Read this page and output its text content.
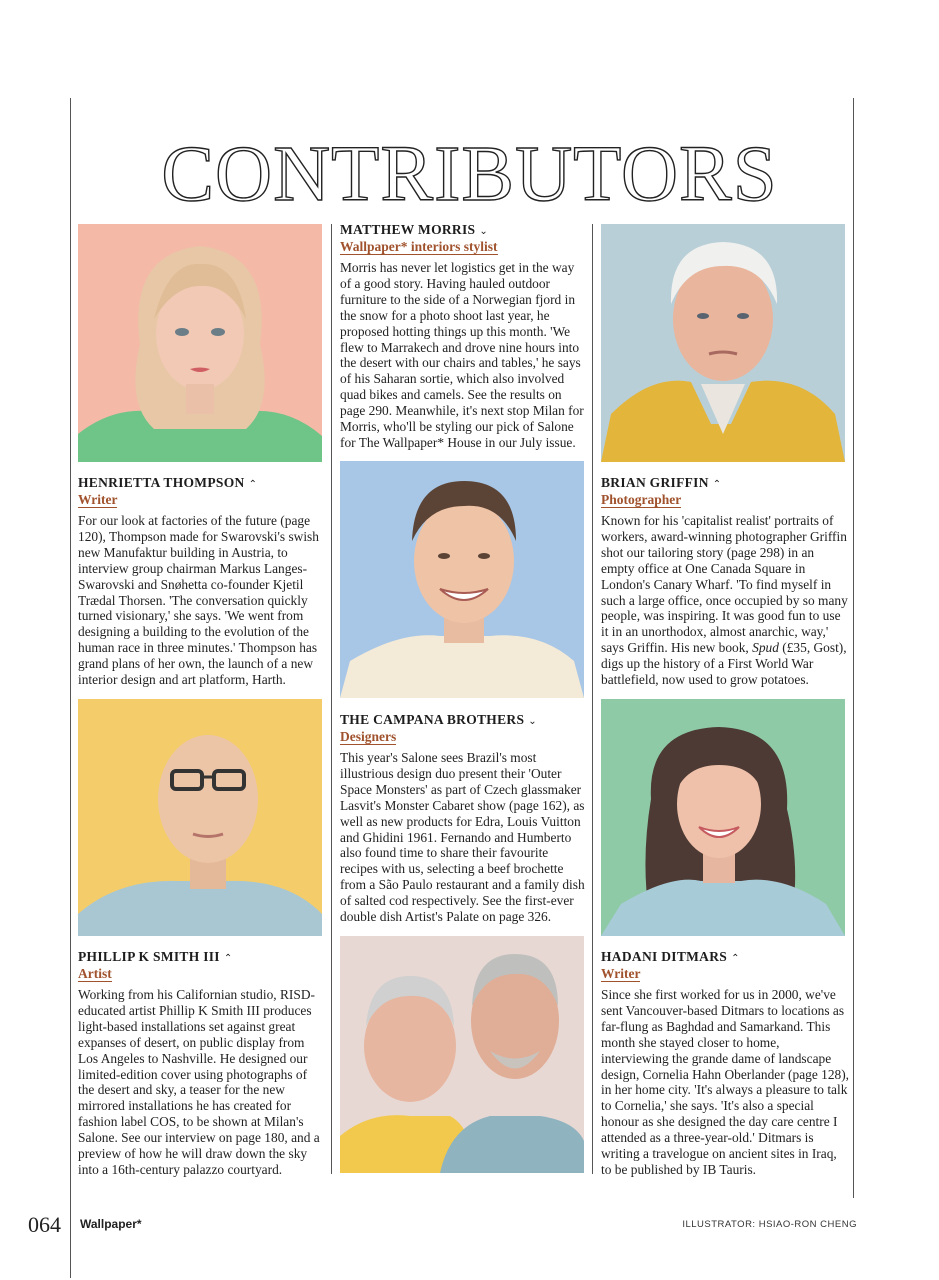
CONTRIBUTORS
HENRIETTA THOMPSON ⌃
Writer

For our look at factories of the future (page 120), Thompson made for Swarovski's swish new Manufaktur building in Austria, to interview group chairman Markus Langes-Swarovski and Snøhetta co-founder Kjetil Trædal Thorsen. 'The conversation quickly turned visionary,' she says. 'We went from designing a building to the evolution of the human race in three minutes.' Thompson has grand plans of her own, the launch of a new interior design and art platform, Harth.

PHILLIP K SMITH III ⌃
Artist

Working from his Californian studio, RISD-educated artist Phillip K Smith III produces light-based installations set against great expanses of desert, on public display from Los Angeles to Nashville. He designed our limited-edition cover using photographs of the desert and sky, a teaser for the new mirrored installations he has created for fashion label COS, to be shown at Milan's Salone. See our interview on page 180, and a preview of how he will draw down the sky into a 16th-century palazzo courtyard.

MATTHEW MORRIS ⌄
Wallpaper* interiors stylist

Morris has never let logistics get in the way of a good story. Having hauled outdoor furniture to the side of a Norwegian fjord in the snow for a photo shoot last year, he proposed hotting things up this month. 'We flew to Marrakech and drove nine hours into the desert with our chairs and tables,' he says of his Saharan sortie, which also involved quad bikes and camels. See the results on page 290. Meanwhile, it's next stop Milan for Morris, who'll be styling our pick of Salone for The Wallpaper* House in our July issue.

THE CAMPANA BROTHERS ⌄
Designers

This year's Salone sees Brazil's most illustrious design duo present their 'Outer Space Monsters' as part of Czech glassmaker Lasvit's Monster Cabaret show (page 162), as well as new products for Edra, Louis Vuitton and Ghidini 1961. Fernando and Humberto also found time to share their favourite recipes with us, selecting a beef brochette from a São Paulo restaurant and a family dish of salted cod respectively. See the first-ever double dish Artist's Palate on page 326.

BRIAN GRIFFIN ⌃
Photographer

Known for his 'capitalist realist' portraits of workers, award-winning photographer Griffin shot our tailoring story (page 298) in an empty office at One Canada Square in London's Canary Wharf. 'To find myself in such a large office, once occupied by so many people, was inspiring. It was good fun to use it in an unorthodox, almost anarchic, way,' says Griffin. His new book, Spud (£35, Gost), digs up the history of a First World War battlefield, now used to grow potatoes.

HADANI DITMARS ⌃
Writer

Since she first worked for us in 2000, we've sent Vancouver-based Ditmars to locations as far-flung as Baghdad and Samarkand. This month she stayed closer to home, interviewing the grande dame of landscape design, Cornelia Hahn Oberlander (page 128), in her home city. 'It's always a pleasure to talk to Cornelia,' she says. 'It's also a special honour as she designed the day care centre I attended as a three-year-old.' Ditmars is writing a travelogue on ancient sites in Iraq, to be published by IB Tauris.

064 Wallpaper*	ILLUSTRATOR: HSIAO-RON CHENG
